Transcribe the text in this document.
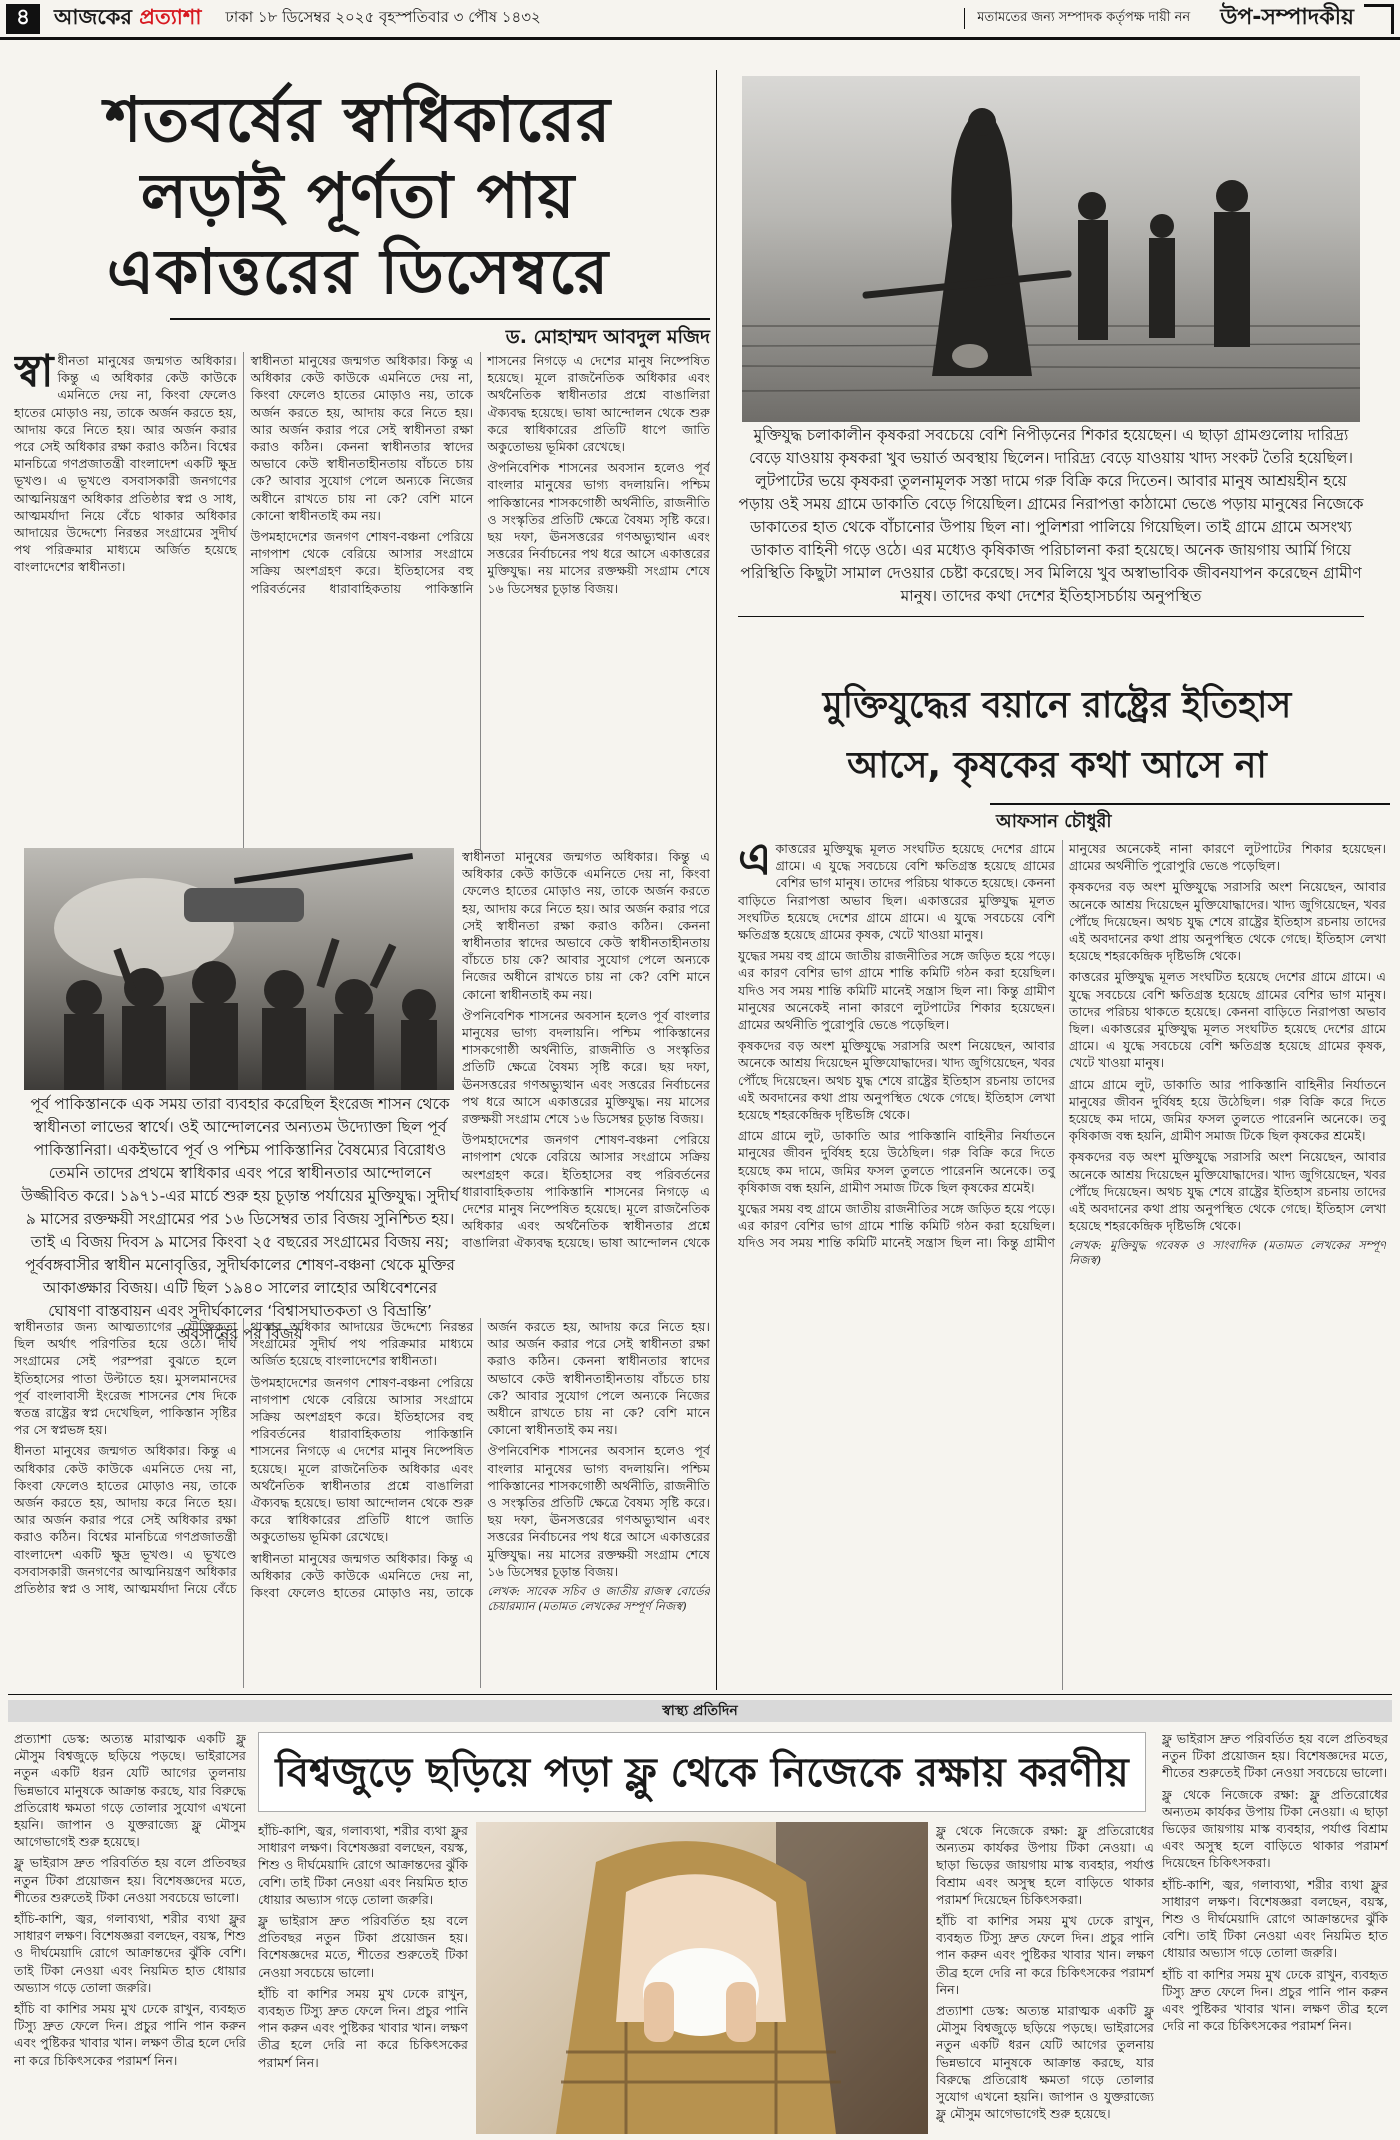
৪	আজকের প্রত্যাশা ঢাকা ১৮ ডিসেম্বর ২০২৫ বৃহস্পতিবার ৩ পৌষ ১৪৩২	মতামতের জন্য সম্পাদক কর্তৃপক্ষ দায়ী নন উপ-সম্পাদকীয়
শতবর্ষের স্বাধিকারের
লড়াই পূর্ণতা পায়
একাত্তরের ডিসেম্বরে
ড. মোহাম্মদ আবদুল মজিদ

স্বা ধীনতা মানুষের জন্মগত অধিকার। কিন্তু এ অধিকার কেউ কাউকে এমনিতে দেয় না, কিংবা ফেলেও হাতের মোড়াও নয়, তাকে অর্জন করতে হয়, আদায় করে নিতে হয়। আর অর্জন করার পরে সেই অধিকার রক্ষা করাও কঠিন। বিশ্বের মানচিত্রে গণপ্রজাতন্ত্রী বাংলাদেশ একটি ক্ষুদ্র ভূখণ্ড। এ ভূখণ্ডে বসবাসকারী জনগণের আত্মনিয়ন্ত্রণ অধিকার প্রতিষ্ঠার স্বপ্ন ও সাধ, আত্মমর্যাদা নিয়ে বেঁচে থাকার অধিকার আদায়ের উদ্দেশ্যে নিরন্তর সংগ্রামের সুদীর্ঘ পথ পরিক্রমার মাধ্যমে অর্জিত হয়েছে বাংলাদেশের স্বাধীনতা।

স্বাধীনতা মানুষের জন্মগত অধিকার। কিন্তু এ অধিকার কেউ কাউকে এমনিতে দেয় না, কিংবা ফেলেও হাতের মোড়াও নয়, তাকে অর্জন করতে হয়, আদায় করে নিতে হয়। আর অর্জন করার পরে সেই স্বাধীনতা রক্ষা করাও কঠিন। কেননা স্বাধীনতার স্বাদের অভাবে কেউ স্বাধীনতাহীনতায় বাঁচতে চায় কে? আবার সুযোগ পেলে অন্যকে নিজের অধীনে রাখতে চায় না কে? বেশি মানে কোনো স্বাধীনতাই কম নয়।

উপমহাদেশের জনগণ শোষণ-বঞ্চনা পেরিয়ে নাগপাশ থেকে বেরিয়ে আসার সংগ্রামে সক্রিয় অংশগ্রহণ করে। ইতিহাসের বহু পরিবর্তনের ধারাবাহিকতায় পাকিস্তানি শাসনের নিগড়ে এ দেশের মানুষ নিষ্পেষিত হয়েছে। মূলে রাজনৈতিক অধিকার এবং অর্থনৈতিক স্বাধীনতার প্রশ্নে বাঙালিরা ঐক্যবদ্ধ হয়েছে। ভাষা আন্দোলন থেকে শুরু করে স্বাধিকারের প্রতিটি ধাপে জাতি অকুতোভয় ভূমিকা রেখেছে।

ঔপনিবেশিক শাসনের অবসান হলেও পূর্ব বাংলার মানুষের ভাগ্য বদলায়নি। পশ্চিম পাকিস্তানের শাসকগোষ্ঠী অর্থনীতি, রাজনীতি ও সংস্কৃতির প্রতিটি ক্ষেত্রে বৈষম্য সৃষ্টি করে। ছয় দফা, ঊনসত্তরের গণঅভ্যুত্থান এবং সত্তরের নির্বাচনের পথ ধরে আসে একাত্তরের মুক্তিযুদ্ধ। নয় মাসের রক্তক্ষয়ী সংগ্রাম শেষে ১৬ ডিসেম্বর চূড়ান্ত বিজয়।

পূর্ব পাকিস্তানকে এক সময় তারা ব্যবহার করেছিল ইংরেজ শাসন থেকে স্বাধীনতা লাভের স্বার্থে। ওই আন্দোলনের অন্যতম উদ্যোক্তা ছিল পূর্ব পাকিস্তানিরা। একইভাবে পূর্ব ও পশ্চিম পাকিস্তানির বৈষম্যের বিরোধও তেমনি তাদের প্রথমে স্বাধিকার এবং পরে স্বাধীনতার আন্দোলনে উজ্জীবিত করে। ১৯৭১-এর মার্চে শুরু হয় চূড়ান্ত পর্যায়ের মুক্তিযুদ্ধ। সুদীর্ঘ ৯ মাসের রক্তক্ষয়ী সংগ্রামের পর ১৬ ডিসেম্বর তার বিজয় সুনিশ্চিত হয়। তাই এ বিজয় দিবস ৯ মাসের কিংবা ২৫ বছরের সংগ্রামের বিজয় নয়; পূর্ববঙ্গবাসীর স্বাধীন মনোবৃত্তির, সুদীর্ঘকালের শোষণ-বঞ্চনা থেকে মুক্তির আকাঙ্ক্ষার বিজয়। এটি ছিল ১৯৪০ সালের লাহোর অধিবেশনের ঘোষণা বাস্তবায়ন এবং সুদীর্ঘকালের ‘বিশ্বাসঘাতকতা ও বিভ্রান্তি’ অবসানের পর বিজয়

স্বাধীনতা মানুষের জন্মগত অধিকার। কিন্তু এ অধিকার কেউ কাউকে এমনিতে দেয় না, কিংবা ফেলেও হাতের মোড়াও নয়, তাকে অর্জন করতে হয়, আদায় করে নিতে হয়। আর অর্জন করার পরে সেই স্বাধীনতা রক্ষা করাও কঠিন। কেননা স্বাধীনতার স্বাদের অভাবে কেউ স্বাধীনতাহীনতায় বাঁচতে চায় কে? আবার সুযোগ পেলে অন্যকে নিজের অধীনে রাখতে চায় না কে? বেশি মানে কোনো স্বাধীনতাই কম নয়।

ঔপনিবেশিক শাসনের অবসান হলেও পূর্ব বাংলার মানুষের ভাগ্য বদলায়নি। পশ্চিম পাকিস্তানের শাসকগোষ্ঠী অর্থনীতি, রাজনীতি ও সংস্কৃতির প্রতিটি ক্ষেত্রে বৈষম্য সৃষ্টি করে। ছয় দফা, ঊনসত্তরের গণঅভ্যুত্থান এবং সত্তরের নির্বাচনের পথ ধরে আসে একাত্তরের মুক্তিযুদ্ধ। নয় মাসের রক্তক্ষয়ী সংগ্রাম শেষে ১৬ ডিসেম্বর চূড়ান্ত বিজয়।

উপমহাদেশের জনগণ শোষণ-বঞ্চনা পেরিয়ে নাগপাশ থেকে বেরিয়ে আসার সংগ্রামে সক্রিয় অংশগ্রহণ করে। ইতিহাসের বহু পরিবর্তনের ধারাবাহিকতায় পাকিস্তানি শাসনের নিগড়ে এ দেশের মানুষ নিষ্পেষিত হয়েছে। মূলে রাজনৈতিক অধিকার এবং অর্থনৈতিক স্বাধীনতার প্রশ্নে বাঙালিরা ঐক্যবদ্ধ হয়েছে। ভাষা আন্দোলন থেকে

স্বাধীনতার জন্য আত্মত্যাগের যৌক্তিকতা ছিল অর্থাৎ পরিণতির হয়ে ওঠে। দীর্ঘ সংগ্রামের সেই পরম্পরা বুঝতে হলে ইতিহাসের পাতা উল্টাতে হয়। মুসলমানদের পূর্ব বাংলাবাসী ইংরেজ শাসনের শেষ দিকে স্বতন্ত্র রাষ্ট্রের স্বপ্ন দেখেছিল, পাকিস্তান সৃষ্টির পর সে স্বপ্নভঙ্গ হয়।

ধীনতা মানুষের জন্মগত অধিকার। কিন্তু এ অধিকার কেউ কাউকে এমনিতে দেয় না, কিংবা ফেলেও হাতের মোড়াও নয়, তাকে অর্জন করতে হয়, আদায় করে নিতে হয়। আর অর্জন করার পরে সেই অধিকার রক্ষা করাও কঠিন। বিশ্বের মানচিত্রে গণপ্রজাতন্ত্রী বাংলাদেশ একটি ক্ষুদ্র ভূখণ্ড। এ ভূখণ্ডে বসবাসকারী জনগণের আত্মনিয়ন্ত্রণ অধিকার প্রতিষ্ঠার স্বপ্ন ও সাধ, আত্মমর্যাদা নিয়ে বেঁচে থাকার অধিকার আদায়ের উদ্দেশ্যে নিরন্তর সংগ্রামের সুদীর্ঘ পথ পরিক্রমার মাধ্যমে অর্জিত হয়েছে বাংলাদেশের স্বাধীনতা।

উপমহাদেশের জনগণ শোষণ-বঞ্চনা পেরিয়ে নাগপাশ থেকে বেরিয়ে আসার সংগ্রামে সক্রিয় অংশগ্রহণ করে। ইতিহাসের বহু পরিবর্তনের ধারাবাহিকতায় পাকিস্তানি শাসনের নিগড়ে এ দেশের মানুষ নিষ্পেষিত হয়েছে। মূলে রাজনৈতিক অধিকার এবং অর্থনৈতিক স্বাধীনতার প্রশ্নে বাঙালিরা ঐক্যবদ্ধ হয়েছে। ভাষা আন্দোলন থেকে শুরু করে স্বাধিকারের প্রতিটি ধাপে জাতি অকুতোভয় ভূমিকা রেখেছে।

স্বাধীনতা মানুষের জন্মগত অধিকার। কিন্তু এ অধিকার কেউ কাউকে এমনিতে দেয় না, কিংবা ফেলেও হাতের মোড়াও নয়, তাকে অর্জন করতে হয়, আদায় করে নিতে হয়। আর অর্জন করার পরে সেই স্বাধীনতা রক্ষা করাও কঠিন। কেননা স্বাধীনতার স্বাদের অভাবে কেউ স্বাধীনতাহীনতায় বাঁচতে চায় কে? আবার সুযোগ পেলে অন্যকে নিজের অধীনে রাখতে চায় না কে? বেশি মানে কোনো স্বাধীনতাই কম নয়।

ঔপনিবেশিক শাসনের অবসান হলেও পূর্ব বাংলার মানুষের ভাগ্য বদলায়নি। পশ্চিম পাকিস্তানের শাসকগোষ্ঠী অর্থনীতি, রাজনীতি ও সংস্কৃতির প্রতিটি ক্ষেত্রে বৈষম্য সৃষ্টি করে। ছয় দফা, ঊনসত্তরের গণঅভ্যুত্থান এবং সত্তরের নির্বাচনের পথ ধরে আসে একাত্তরের মুক্তিযুদ্ধ। নয় মাসের রক্তক্ষয়ী সংগ্রাম শেষে ১৬ ডিসেম্বর চূড়ান্ত বিজয়।

লেখক: সাবেক সচিব ও জাতীয় রাজস্ব বোর্ডের চেয়ারম্যান (মতামত লেখকের সম্পূর্ণ নিজস্ব)

মুক্তিযুদ্ধ চলাকালীন কৃষকরা সবচেয়ে বেশি নিপীড়নের শিকার হয়েছেন। এ ছাড়া গ্রামগুলোয় দারিদ্র্য বেড়ে যাওয়ায় কৃষকরা খুব ভয়ার্ত অবস্থায় ছিলেন। দারিদ্র্য বেড়ে যাওয়ায় খাদ্য সংকট তৈরি হয়েছিল। লুটপাটের ভয়ে কৃষকরা তুলনামূলক সস্তা দামে গরু বিক্রি করে দিতেন। আবার মানুষ আশ্রয়হীন হয়ে পড়ায় ওই সময় গ্রামে ডাকাতি বেড়ে গিয়েছিল। গ্রামের নিরাপত্তা কাঠামো ভেঙে পড়ায় মানুষের নিজেকে ডাকাতের হাত থেকে বাঁচানোর উপায় ছিল না। পুলিশরা পালিয়ে গিয়েছিল। তাই গ্রামে গ্রামে অসংখ্য ডাকাত বাহিনী গড়ে ওঠে। এর মধ্যেও কৃষিকাজ পরিচালনা করা হয়েছে। অনেক জায়গায় আর্মি গিয়ে পরিস্থিতি কিছুটা সামাল দেওয়ার চেষ্টা করেছে। সব মিলিয়ে খুব অস্বাভাবিক জীবনযাপন করেছেন গ্রামীণ মানুষ। তাদের কথা দেশের ইতিহাসচর্চায় অনুপস্থিত
মুক্তিযুদ্ধের বয়ানে রাষ্ট্রের ইতিহাস
আসে, কৃষকের কথা আসে না
আফসান চৌধুরী

একাত্তরের মুক্তিযুদ্ধ মূলত সংঘটিত হয়েছে দেশের গ্রামে গ্রামে। এ যুদ্ধে সবচেয়ে বেশি ক্ষতিগ্রস্ত হয়েছে গ্রামের বেশির ভাগ মানুষ। তাদের পরিচয় থাকতে হয়েছে। কেননা বাড়িতে নিরাপত্তা অভাব ছিল। একাত্তরের মুক্তিযুদ্ধ মূলত সংঘটিত হয়েছে দেশের গ্রামে গ্রামে। এ যুদ্ধে সবচেয়ে বেশি ক্ষতিগ্রস্ত হয়েছে গ্রামের কৃষক, খেটে খাওয়া মানুষ।

যুদ্ধের সময় বহু গ্রামে জাতীয় রাজনীতির সঙ্গে জড়িত হয়ে পড়ে। এর কারণ বেশির ভাগ গ্রামে শান্তি কমিটি গঠন করা হয়েছিল। যদিও সব সময় শান্তি কমিটি মানেই সন্ত্রাস ছিল না। কিন্তু গ্রামীণ মানুষের অনেকেই নানা কারণে লুটপাটের শিকার হয়েছেন। গ্রামের অর্থনীতি পুরোপুরি ভেঙে পড়েছিল।

কৃষকদের বড় অংশ মুক্তিযুদ্ধে সরাসরি অংশ নিয়েছেন, আবার অনেকে আশ্রয় দিয়েছেন মুক্তিযোদ্ধাদের। খাদ্য জুগিয়েছেন, খবর পৌঁছে দিয়েছেন। অথচ যুদ্ধ শেষে রাষ্ট্রের ইতিহাস রচনায় তাদের এই অবদানের কথা প্রায় অনুপস্থিত থেকে গেছে। ইতিহাস লেখা হয়েছে শহরকেন্দ্রিক দৃষ্টিভঙ্গি থেকে।

গ্রামে গ্রামে লুট, ডাকাতি আর পাকিস্তানি বাহিনীর নির্যাতনে মানুষের জীবন দুর্বিষহ হয়ে উঠেছিল। গরু বিক্রি করে দিতে হয়েছে কম দামে, জমির ফসল তুলতে পারেননি অনেকে। তবু কৃষিকাজ বন্ধ হয়নি, গ্রামীণ সমাজ টিকে ছিল কৃষকের শ্রমেই।

যুদ্ধের সময় বহু গ্রামে জাতীয় রাজনীতির সঙ্গে জড়িত হয়ে পড়ে। এর কারণ বেশির ভাগ গ্রামে শান্তি কমিটি গঠন করা হয়েছিল। যদিও সব সময় শান্তি কমিটি মানেই সন্ত্রাস ছিল না। কিন্তু গ্রামীণ মানুষের অনেকেই নানা কারণে লুটপাটের শিকার হয়েছেন। গ্রামের অর্থনীতি পুরোপুরি ভেঙে পড়েছিল।

কৃষকদের বড় অংশ মুক্তিযুদ্ধে সরাসরি অংশ নিয়েছেন, আবার অনেকে আশ্রয় দিয়েছেন মুক্তিযোদ্ধাদের। খাদ্য জুগিয়েছেন, খবর পৌঁছে দিয়েছেন। অথচ যুদ্ধ শেষে রাষ্ট্রের ইতিহাস রচনায় তাদের এই অবদানের কথা প্রায় অনুপস্থিত থেকে গেছে। ইতিহাস লেখা হয়েছে শহরকেন্দ্রিক দৃষ্টিভঙ্গি থেকে।

কাত্তরের মুক্তিযুদ্ধ মূলত সংঘটিত হয়েছে দেশের গ্রামে গ্রামে। এ যুদ্ধে সবচেয়ে বেশি ক্ষতিগ্রস্ত হয়েছে গ্রামের বেশির ভাগ মানুষ। তাদের পরিচয় থাকতে হয়েছে। কেননা বাড়িতে নিরাপত্তা অভাব ছিল। একাত্তরের মুক্তিযুদ্ধ মূলত সংঘটিত হয়েছে দেশের গ্রামে গ্রামে। এ যুদ্ধে সবচেয়ে বেশি ক্ষতিগ্রস্ত হয়েছে গ্রামের কৃষক, খেটে খাওয়া মানুষ।

গ্রামে গ্রামে লুট, ডাকাতি আর পাকিস্তানি বাহিনীর নির্যাতনে মানুষের জীবন দুর্বিষহ হয়ে উঠেছিল। গরু বিক্রি করে দিতে হয়েছে কম দামে, জমির ফসল তুলতে পারেননি অনেকে। তবু কৃষিকাজ বন্ধ হয়নি, গ্রামীণ সমাজ টিকে ছিল কৃষকের শ্রমেই।

কৃষকদের বড় অংশ মুক্তিযুদ্ধে সরাসরি অংশ নিয়েছেন, আবার অনেকে আশ্রয় দিয়েছেন মুক্তিযোদ্ধাদের। খাদ্য জুগিয়েছেন, খবর পৌঁছে দিয়েছেন। অথচ যুদ্ধ শেষে রাষ্ট্রের ইতিহাস রচনায় তাদের এই অবদানের কথা প্রায় অনুপস্থিত থেকে গেছে। ইতিহাস লেখা হয়েছে শহরকেন্দ্রিক দৃষ্টিভঙ্গি থেকে।

লেখক: মুক্তিযুদ্ধ গবেষক ও সাংবাদিক (মতামত লেখকের সম্পূর্ণ নিজস্ব)

স্বাস্থ্য প্রতিদিন

প্রত্যাশা ডেস্ক: অত্যন্ত মারাত্মক একটি ফ্লু মৌসুম বিশ্বজুড়ে ছড়িয়ে পড়ছে। ভাইরাসের নতুন একটি ধরন যেটি আগের তুলনায় ভিন্নভাবে মানুষকে আক্রান্ত করছে, যার বিরুদ্ধে প্রতিরোধ ক্ষমতা গড়ে তোলার সুযোগ এখনো হয়নি। জাপান ও যুক্তরাজ্যে ফ্লু মৌসুম আগেভাগেই শুরু হয়েছে।

ফ্লু ভাইরাস দ্রুত পরিবর্তিত হয় বলে প্রতিবছর নতুন টিকা প্রয়োজন হয়। বিশেষজ্ঞদের মতে, শীতের শুরুতেই টিকা নেওয়া সবচেয়ে ভালো।

হাঁচি-কাশি, জ্বর, গলাব্যথা, শরীর ব্যথা ফ্লুর সাধারণ লক্ষণ। বিশেষজ্ঞরা বলছেন, বয়স্ক, শিশু ও দীর্ঘমেয়াদি রোগে আক্রান্তদের ঝুঁকি বেশি। তাই টিকা নেওয়া এবং নিয়মিত হাত ধোয়ার অভ্যাস গড়ে তোলা জরুরি।

হাঁচি বা কাশির সময় মুখ ঢেকে রাখুন, ব্যবহৃত টিস্যু দ্রুত ফেলে দিন। প্রচুর পানি পান করুন এবং পুষ্টিকর খাবার খান। লক্ষণ তীব্র হলে দেরি না করে চিকিৎসকের পরামর্শ নিন।

বিশ্বজুড়ে ছড়িয়ে পড়া ফ্লু থেকে নিজেকে রক্ষায় করণীয়

হাঁচি-কাশি, জ্বর, গলাব্যথা, শরীর ব্যথা ফ্লুর সাধারণ লক্ষণ। বিশেষজ্ঞরা বলছেন, বয়স্ক, শিশু ও দীর্ঘমেয়াদি রোগে আক্রান্তদের ঝুঁকি বেশি। তাই টিকা নেওয়া এবং নিয়মিত হাত ধোয়ার অভ্যাস গড়ে তোলা জরুরি।

ফ্লু ভাইরাস দ্রুত পরিবর্তিত হয় বলে প্রতিবছর নতুন টিকা প্রয়োজন হয়। বিশেষজ্ঞদের মতে, শীতের শুরুতেই টিকা নেওয়া সবচেয়ে ভালো।

হাঁচি বা কাশির সময় মুখ ঢেকে রাখুন, ব্যবহৃত টিস্যু দ্রুত ফেলে দিন। প্রচুর পানি পান করুন এবং পুষ্টিকর খাবার খান। লক্ষণ তীব্র হলে দেরি না করে চিকিৎসকের পরামর্শ নিন।

ফ্লু থেকে নিজেকে রক্ষা: ফ্লু প্রতিরোধের অন্যতম কার্যকর উপায় টিকা নেওয়া। এ ছাড়া ভিড়ের জায়গায় মাস্ক ব্যবহার, পর্যাপ্ত বিশ্রাম এবং অসুস্থ হলে বাড়িতে থাকার পরামর্শ দিয়েছেন চিকিৎসকরা।

হাঁচি বা কাশির সময় মুখ ঢেকে রাখুন, ব্যবহৃত টিস্যু দ্রুত ফেলে দিন। প্রচুর পানি পান করুন এবং পুষ্টিকর খাবার খান। লক্ষণ তীব্র হলে দেরি না করে চিকিৎসকের পরামর্শ নিন।

প্রত্যাশা ডেস্ক: অত্যন্ত মারাত্মক একটি ফ্লু মৌসুম বিশ্বজুড়ে ছড়িয়ে পড়ছে। ভাইরাসের নতুন একটি ধরন যেটি আগের তুলনায় ভিন্নভাবে মানুষকে আক্রান্ত করছে, যার বিরুদ্ধে প্রতিরোধ ক্ষমতা গড়ে তোলার সুযোগ এখনো হয়নি। জাপান ও যুক্তরাজ্যে ফ্লু মৌসুম আগেভাগেই শুরু হয়েছে।

ফ্লু ভাইরাস দ্রুত পরিবর্তিত হয় বলে প্রতিবছর নতুন টিকা প্রয়োজন হয়। বিশেষজ্ঞদের মতে, শীতের শুরুতেই টিকা নেওয়া সবচেয়ে ভালো।

ফ্লু থেকে নিজেকে রক্ষা: ফ্লু প্রতিরোধের অন্যতম কার্যকর উপায় টিকা নেওয়া। এ ছাড়া ভিড়ের জায়গায় মাস্ক ব্যবহার, পর্যাপ্ত বিশ্রাম এবং অসুস্থ হলে বাড়িতে থাকার পরামর্শ দিয়েছেন চিকিৎসকরা।

হাঁচি-কাশি, জ্বর, গলাব্যথা, শরীর ব্যথা ফ্লুর সাধারণ লক্ষণ। বিশেষজ্ঞরা বলছেন, বয়স্ক, শিশু ও দীর্ঘমেয়াদি রোগে আক্রান্তদের ঝুঁকি বেশি। তাই টিকা নেওয়া এবং নিয়মিত হাত ধোয়ার অভ্যাস গড়ে তোলা জরুরি।

হাঁচি বা কাশির সময় মুখ ঢেকে রাখুন, ব্যবহৃত টিস্যু দ্রুত ফেলে দিন। প্রচুর পানি পান করুন এবং পুষ্টিকর খাবার খান। লক্ষণ তীব্র হলে দেরি না করে চিকিৎসকের পরামর্শ নিন।
